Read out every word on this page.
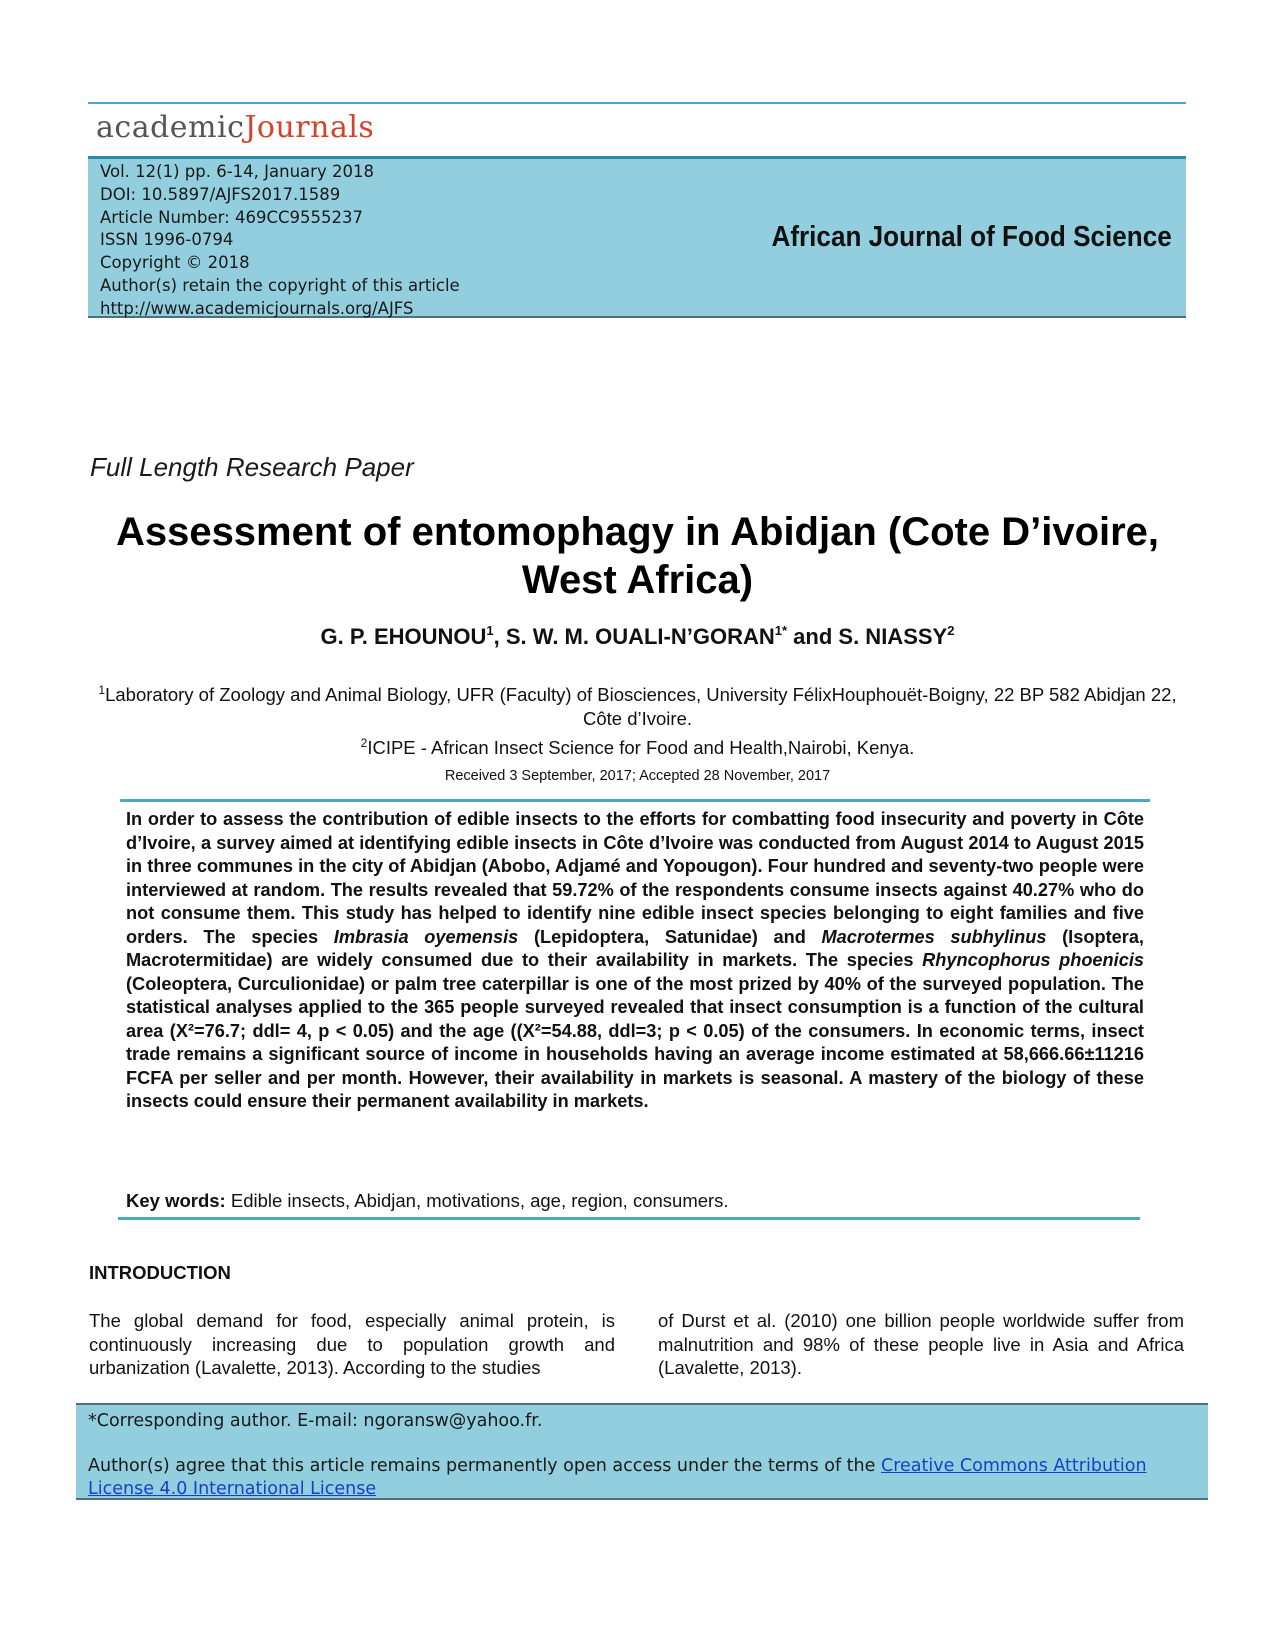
academicJournals
Vol. 12(1) pp. 6-14, January 2018
DOI: 10.5897/AJFS2017.1589
Article Number: 469CC9555237
ISSN 1996-0794
Copyright © 2018
Author(s) retain the copyright of this article
http://www.academicjournals.org/AJFS
African Journal of Food Science
Full Length Research Paper
Assessment of entomophagy in Abidjan (Cote D’ivoire,
West Africa)
G. P. EHOUNOU$^1$, S. W. M. OUALI-$N’GORAN^{1*}$ and S. NIASSY$^2$
$^1$Laboratory of Zoology and Animal Biology, UFR (Faculty) of Biosciences, University FélixHouphouët-Boigny, 22 BP 582 Abidjan 22, Côte d’Ivoire.
$^2$ICIPE - African Insect Science for Food and Health,Nairobi, Kenya.
Received 3 September, 2017; Accepted 28 November, 2017
In order to assess the contribution of edible insects to the efforts for combatting food insecurity and poverty in Côte d’Ivoire, a survey aimed at identifying edible insects in Côte d’Ivoire was conducted from August 2014 to August 2015 in three communes in the city of Abidjan (Abobo, Adjamé and Yopougon). Four hundred and seventy-two people were interviewed at random. The results revealed that 59.72% of the respondents consume insects against 40.27% who do not consume them. This study has helped to identify nine edible insect species belonging to eight families and five orders. The species Imbrasia oyemensis (Lepidoptera, Satunidae) and Macrotermes subhylinus (Isoptera, Macrotermitidae) are widely consumed due to their availability in markets. The species Rhyncophorus phoenicis (Coleoptera, Curculionidae) or palm tree caterpillar is one of the most prized by 40% of the surveyed population. The statistical analyses applied to the 365 people surveyed revealed that insect consumption is a function of the cultural area (X²=76.7; ddl= 4, p < 0.05) and the age ((X²=54.88, ddl=3; p < 0.05) of the consumers. In economic terms, insect trade remains a significant source of income in households having an average income estimated at 58,666.66±11216 FCFA per seller and per month. However, their availability in markets is seasonal. A mastery of the biology of these insects could ensure their permanent availability in markets.
Key words: Edible insects, Abidjan, motivations, age, region, consumers.
INTRODUCTION
The global demand for food, especially animal protein, is continuously increasing due to population growth and urbanization (Lavalette, 2013). According to the studies
of Durst et al. (2010) one billion people worldwide suffer from malnutrition and 98% of these people live in Asia and Africa (Lavalette, 2013).
*Corresponding author. E-mail: ngoransw@yahoo.fr.
Author(s) agree that this article remains permanently open access under the terms of the Creative Commons Attribution License 4.0 International License
